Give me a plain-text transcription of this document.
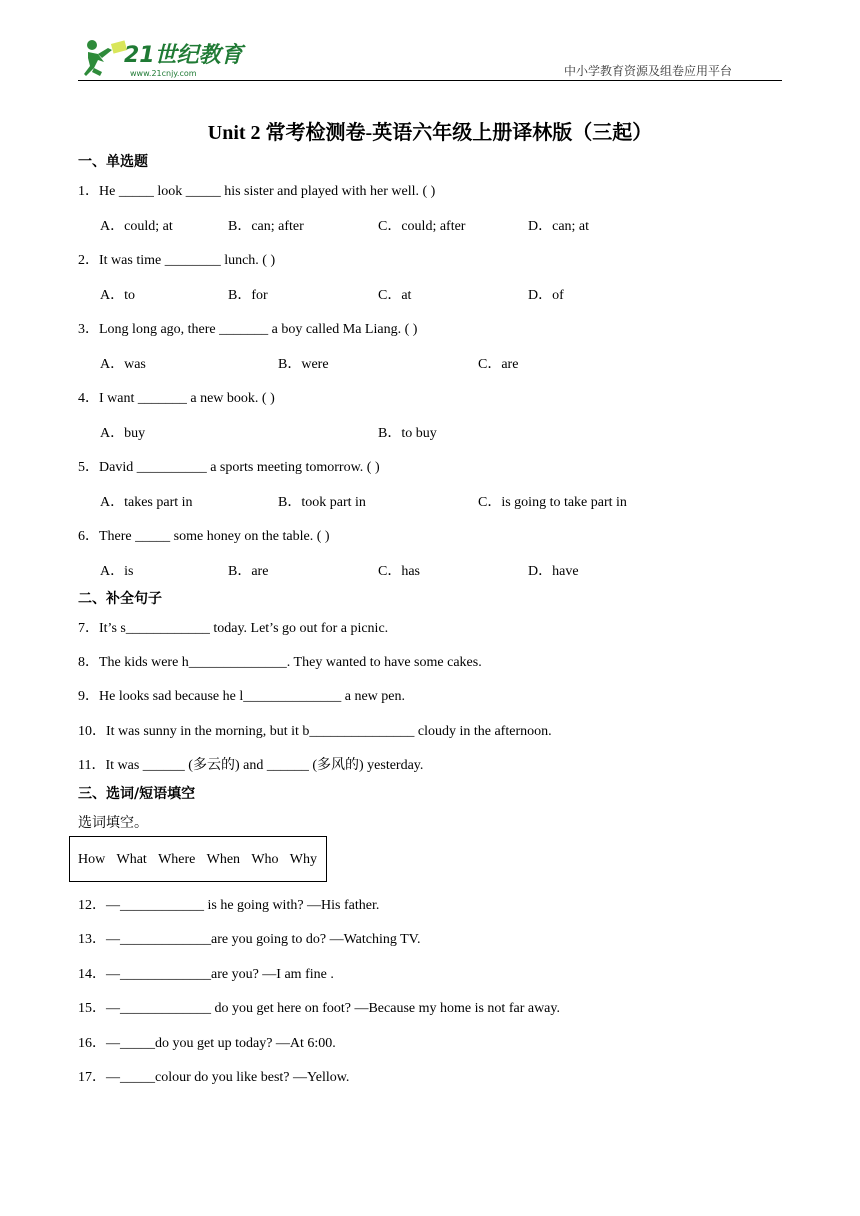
21世纪教育
www.21cnjy.com	中小学教育资源及组卷应用平台
Unit 2 常考检测卷-英语六年级上册译林版（三起）
一、单选题
1．He _____ look _____ his sister and played with her well. ( )
A．could; at	B．can; after	C．could; after	D．can; at
2．It was time ________ lunch. ( )
A．to	B．for	C．at	D．of
3．Long long ago, there _______ a boy called Ma Liang. ( )
A．was	B．were	C．are
4．I want _______ a new book. ( )
A．buy	B．to buy
5．David __________ a sports meeting tomorrow. ( )
A．takes part in	B．took part in	C．is going to take part in
6．There _____ some honey on the table. ( )
A．is	B．are	C．has	D．have
二、补全句子
7．It’s s____________ today. Let’s go out for a picnic.
8．The kids were h______________. They wanted to have some cakes.
9．He looks sad because he l______________ a new pen.
10．It was sunny in the morning, but it b_______________ cloudy in the afternoon.
11．It was ______ (多云的) and ______ (多风的) yesterday.
三、选词/短语填空
选词填空。
How What Where When Who Why
12．—____________ is he going with? —His father.
13．—_____________are you going to do? —Watching TV.
14．—_____________are you? —I am fine .
15．—_____________ do you get here on foot? —Because my home is not far away.
16．—_____do you get up today? —At 6:00.
17．—_____colour do you like best? —Yellow.
